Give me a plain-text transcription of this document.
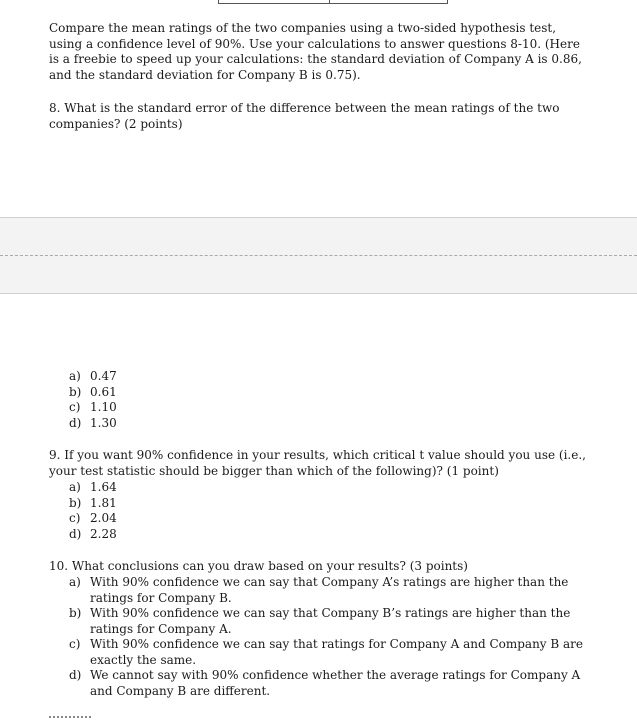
Compare the mean ratings of the two companies using a two-sided hypothesis test, using a confidence level of 90%. Use your calculations to answer questions 8-10. (Here is a freebie to speed up your calculations: the standard deviation of Company A is 0.86, and the standard deviation for Company B is 0.75).

8. What is the standard error of the difference between the mean ratings of the two companies? (2 points)

a) 0.47
b) 0.61
c) 1.10
d) 1.30

9. If you want 90% confidence in your results, which critical t value should you use (i.e., your test statistic should be bigger than which of the following)? (1 point)

a) 1.64
b) 1.81
c) 2.04
d) 2.28

10. What conclusions can you draw based on your results? (3 points)

a) With 90% confidence we can say that Company A’s ratings are higher than the ratings for Company B.
b) With 90% confidence we can say that Company B’s ratings are higher than the ratings for Company A.
c) With 90% confidence we can say that ratings for Company A and Company B are exactly the same.
d) We cannot say with 90% confidence whether the average ratings for Company A and Company B are different.
